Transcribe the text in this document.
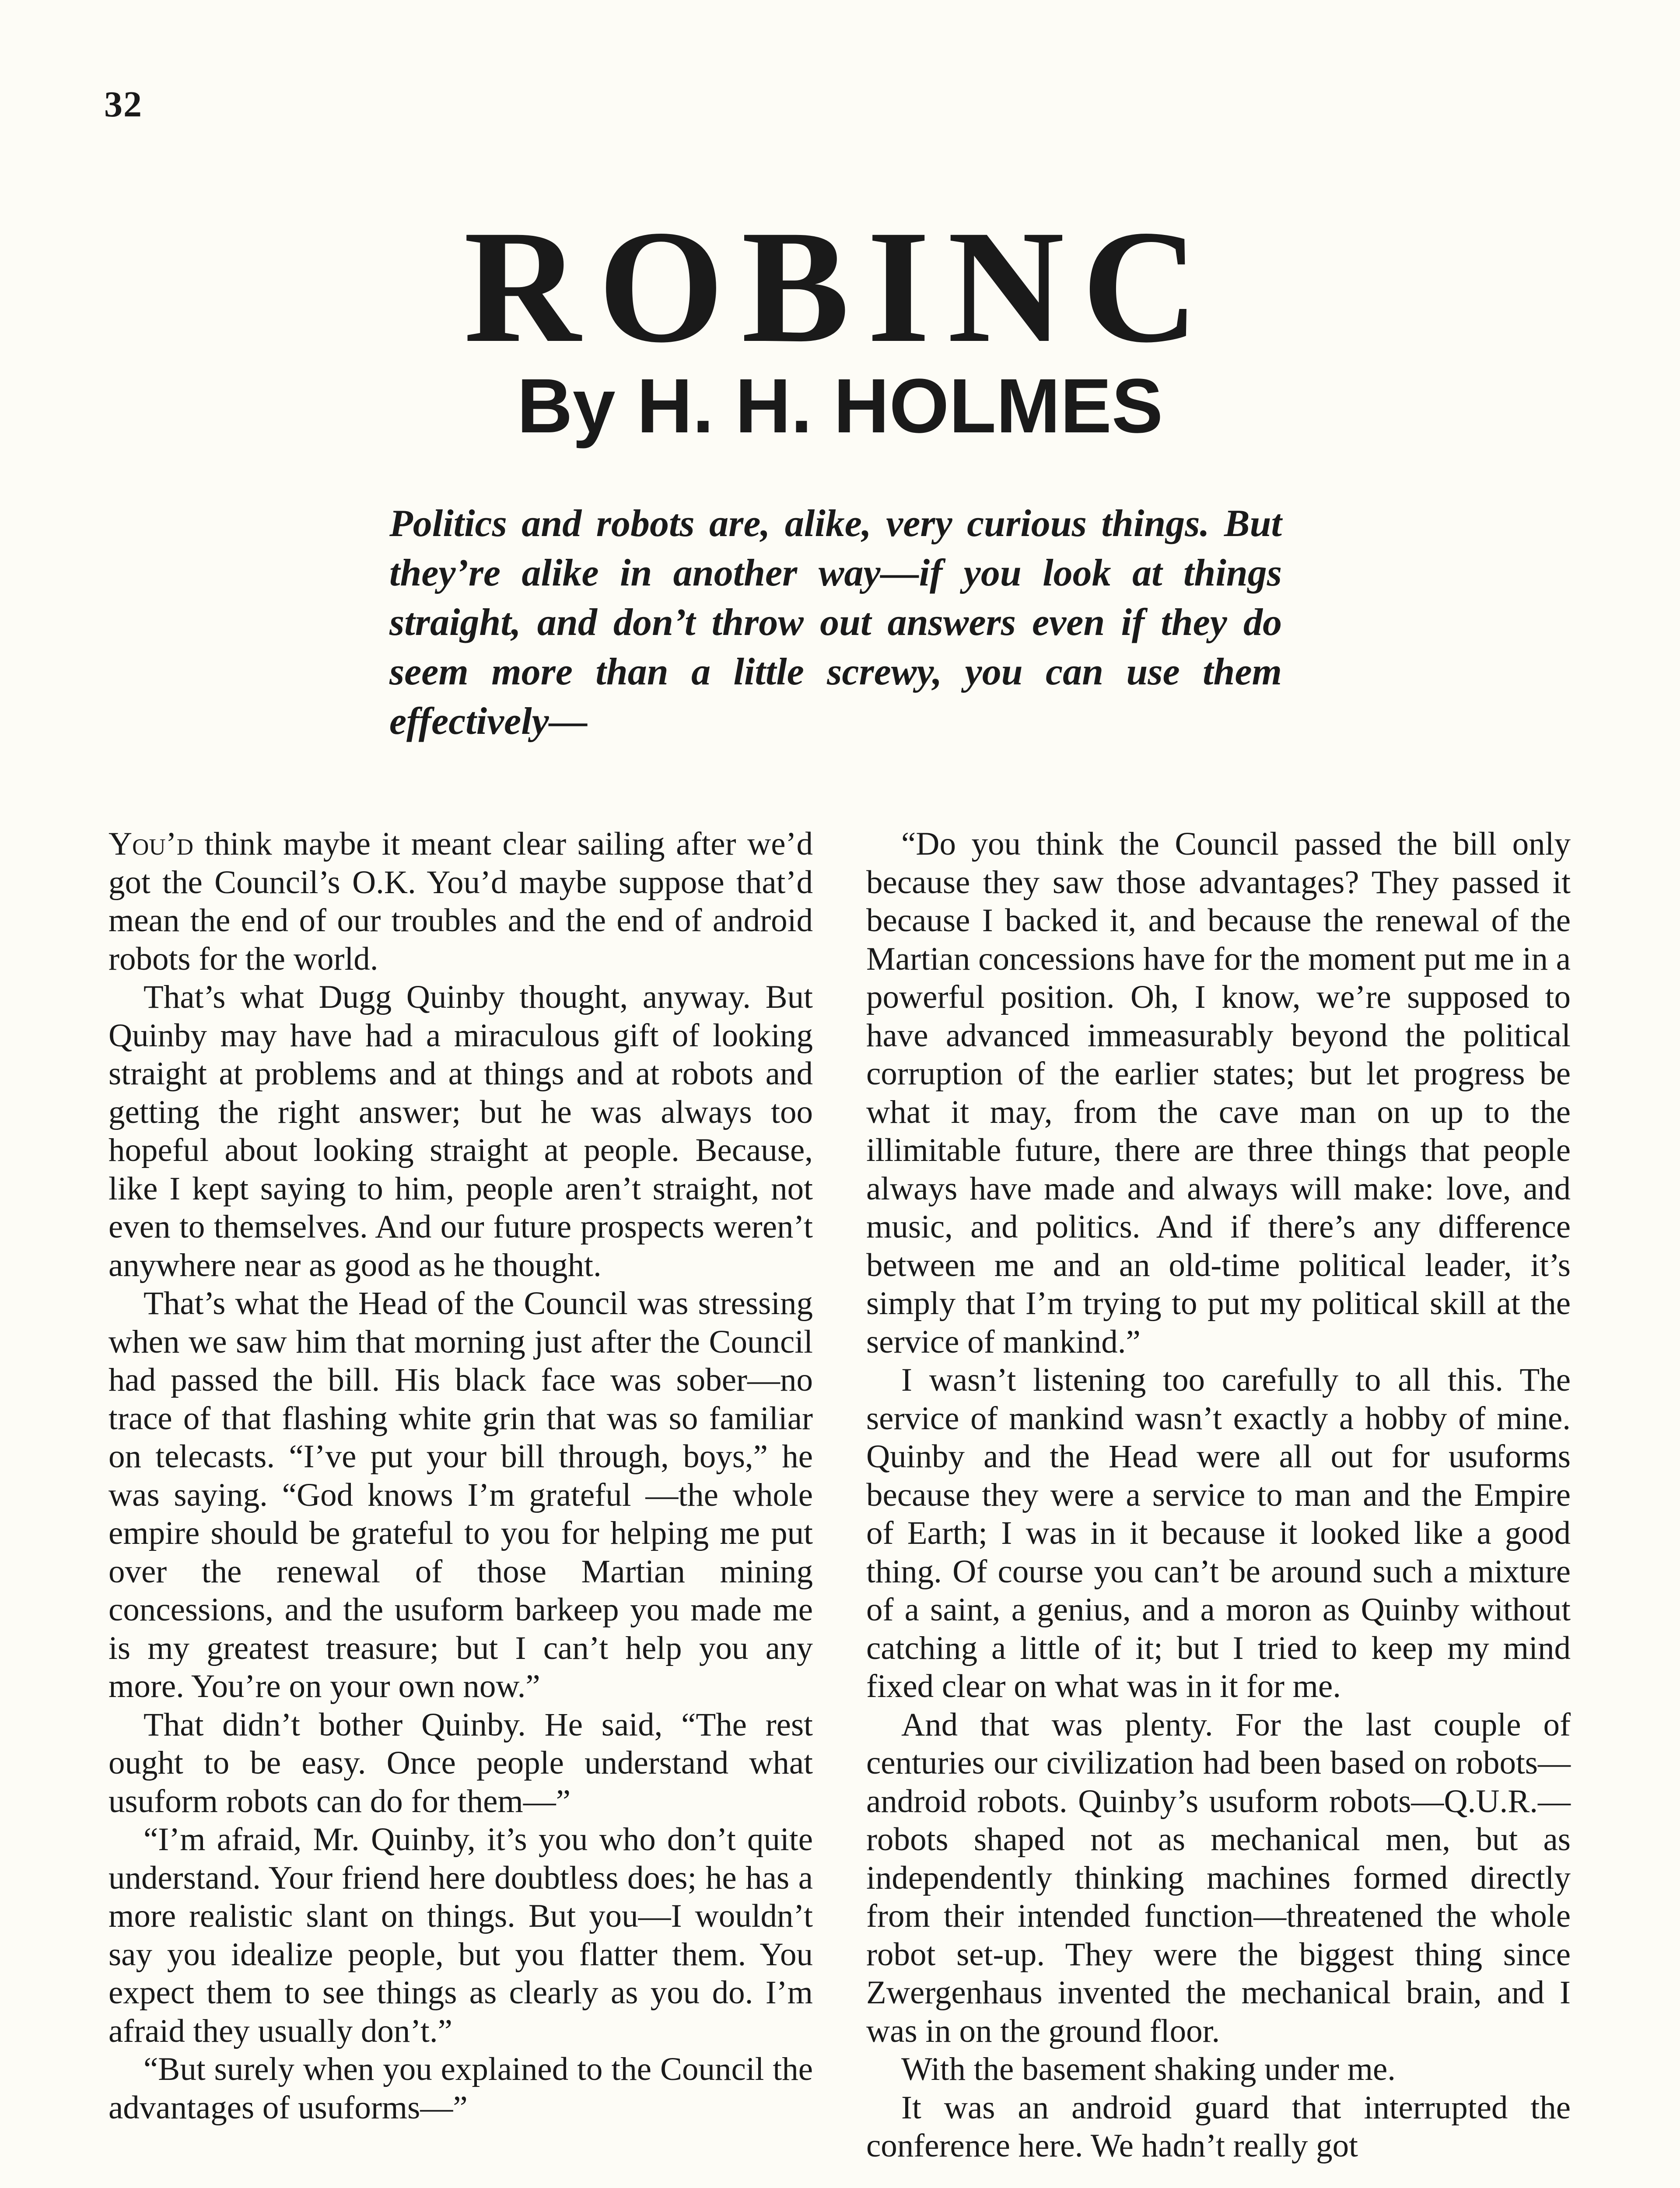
32
ROBINC
By H. H. HOLMES

Politics and robots are, alike, very curious things. But they’re alike in another way—if you look at things straight, and don’t throw out answers even if they do seem more than a little screwy, you can use them effectively—

You’d think maybe it meant clear sailing after we’d got the Council’s O.K. You’d maybe suppose that’d mean the end of our troubles and the end of android robots for the world.

That’s what Dugg Quinby thought, anyway. But Quinby may have had a miraculous gift of looking straight at problems and at things and at robots and getting the right answer; but he was always too hopeful about looking straight at people. Because, like I kept saying to him, people aren’t straight, not even to themselves. And our future prospects weren’t anywhere near as good as he thought.

That’s what the Head of the Council was stressing when we saw him that morning just after the Council had passed the bill. His black face was sober—no trace of that flashing white grin that was so familiar on telecasts. “I’ve put your bill through, boys,” he was saying. “God knows I’m grateful —the whole empire should be grateful to you for helping me put over the renewal of those Martian mining concessions, and the usuform barkeep you made me is my greatest treasure; but I can’t help you any more. You’re on your own now.”

That didn’t bother Quinby. He said, “The rest ought to be easy. Once people understand what usuform robots can do for them—”

“I’m afraid, Mr. Quinby, it’s you who don’t quite understand. Your friend here doubtless does; he has a more realistic slant on things. But you—I wouldn’t say you idealize people, but you flatter them. You expect them to see things as clearly as you do. I’m afraid they usually don’t.”

“But surely when you explained to the Council the advantages of usuforms—”

“Do you think the Council passed the bill only because they saw those advantages? They passed it because I backed it, and because the renewal of the Martian concessions have for the moment put me in a powerful position. Oh, I know, we’re supposed to have advanced immeasurably beyond the political corruption of the earlier states; but let progress be what it may, from the cave man on up to the illimitable future, there are three things that people always have made and always will make: love, and music, and politics. And if there’s any difference between me and an old-time political leader, it’s simply that I’m trying to put my political skill at the service of mankind.”

I wasn’t listening too carefully to all this. The service of mankind wasn’t exactly a hobby of mine. Quinby and the Head were all out for usuforms because they were a service to man and the Empire of Earth; I was in it because it looked like a good thing. Of course you can’t be around such a mixture of a saint, a genius, and a moron as Quinby without catching a little of it; but I tried to keep my mind fixed clear on what was in it for me.

And that was plenty. For the last couple of centuries our civilization had been based on robots—android robots. Quinby’s usuform robots—Q.U.R.—robots shaped not as mechanical men, but as independently thinking machines formed directly from their intended function—threatened the whole robot set-up. They were the biggest thing since Zwergenhaus invented the mechanical brain, and I was in on the ground floor.

With the basement shaking under me.

It was an android guard that interrupted the conference here. We hadn’t really got
